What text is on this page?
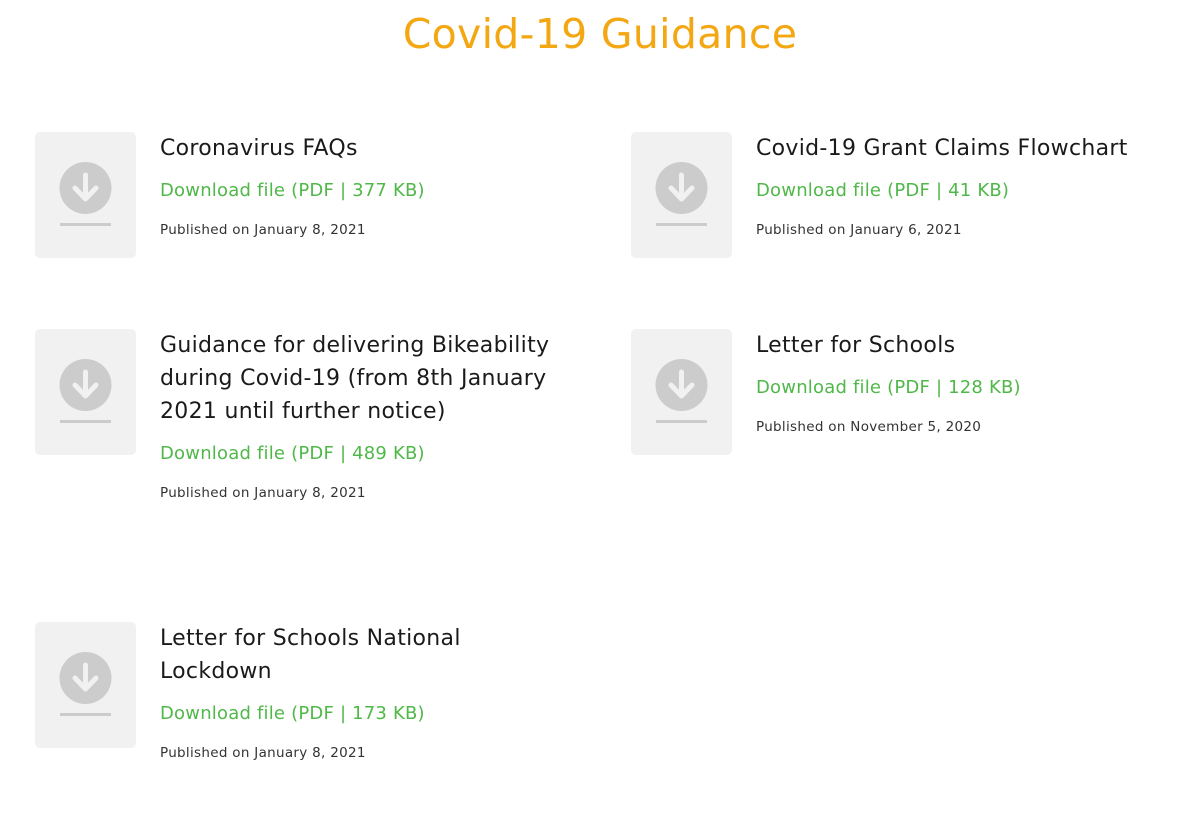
Covid-19 Guidance
Coronavirus FAQs
Download file (PDF | 377 KB)
Published on January 8, 2021
Covid-19 Grant Claims Flowchart
Download file (PDF | 41 KB)
Published on January 6, 2021
Guidance for delivering Bikeability during Covid-19 (from 8th January 2021 until further notice)
Download file (PDF | 489 KB)
Published on January 8, 2021
Letter for Schools
Download file (PDF | 128 KB)
Published on November 5, 2020
Letter for Schools National Lockdown
Download file (PDF | 173 KB)
Published on January 8, 2021
